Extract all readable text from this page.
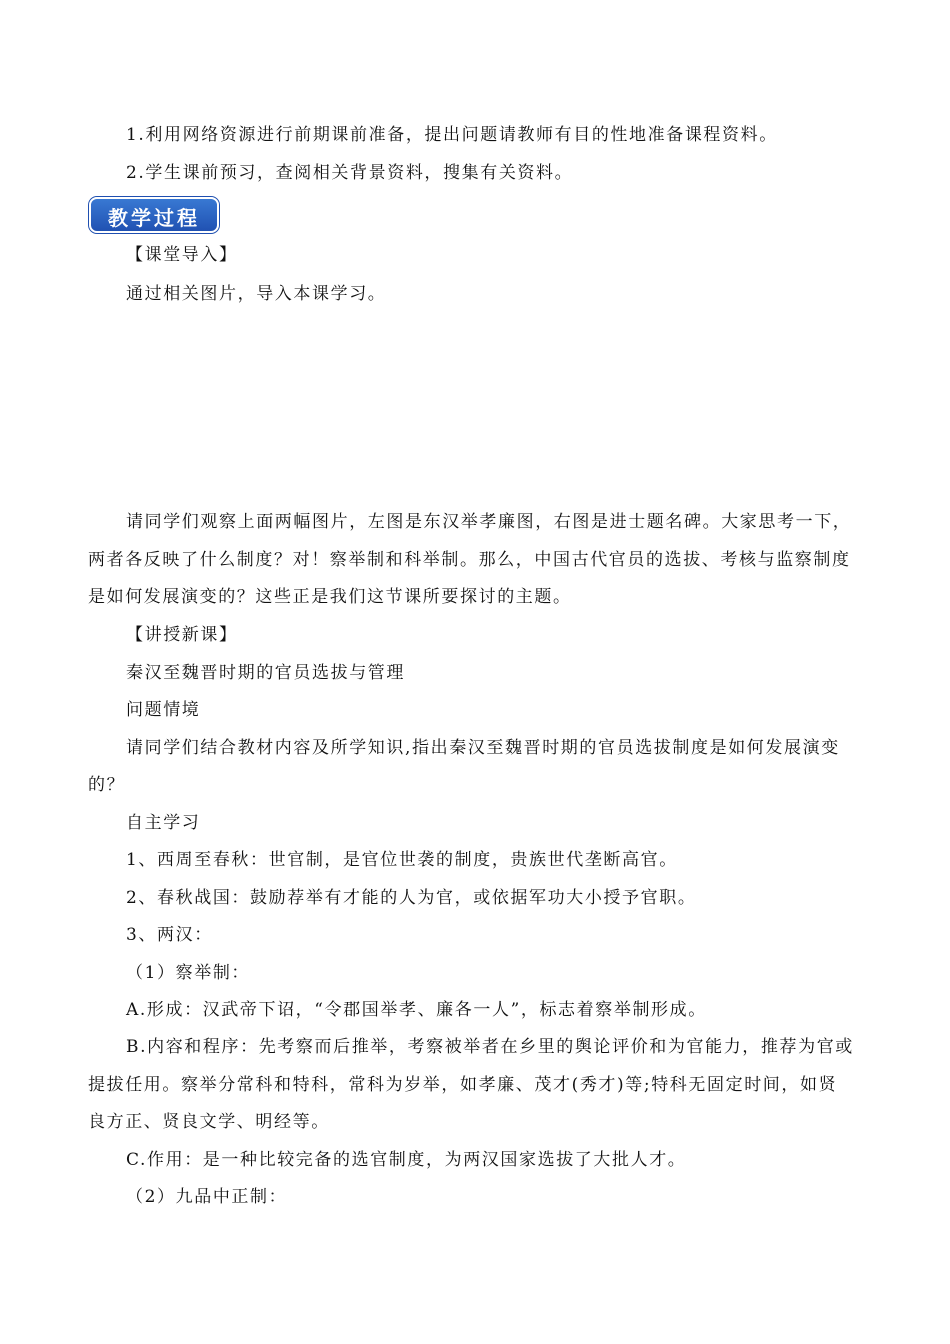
1.利用网络资源进行前期课前准备，提出问题请教师有目的性地准备课程资料。
2.学生课前预习，查阅相关背景资料，搜集有关资料。
教学过程
【课堂导入】
通过相关图片，导入本课学习。
请同学们观察上面两幅图片，左图是东汉举孝廉图，右图是进士题名碑。大家思考一下，
两者各反映了什么制度？对！察举制和科举制。那么，中国古代官员的选拔、考核与监察制度
是如何发展演变的？这些正是我们这节课所要探讨的主题。
【讲授新课】
秦汉至魏晋时期的官员选拔与管理
问题情境
请同学们结合教材内容及所学知识,指出秦汉至魏晋时期的官员选拔制度是如何发展演变
的？
自主学习
1、西周至春秋：世官制，是官位世袭的制度，贵族世代垄断高官。
2、春秋战国：鼓励荐举有才能的人为官，或依据军功大小授予官职。
3、两汉：
（1）察举制：
A.形成：汉武帝下诏，“令郡国举孝、廉各一人”，标志着察举制形成。
B.内容和程序：先考察而后推举，考察被举者在乡里的舆论评价和为官能力，推荐为官或
提拔任用。察举分常科和特科，常科为岁举，如孝廉、茂才(秀才)等;特科无固定时间，如贤
良方正、贤良文学、明经等。
C.作用：是一种比较完备的选官制度，为两汉国家选拔了大批人才。
（2）九品中正制：
